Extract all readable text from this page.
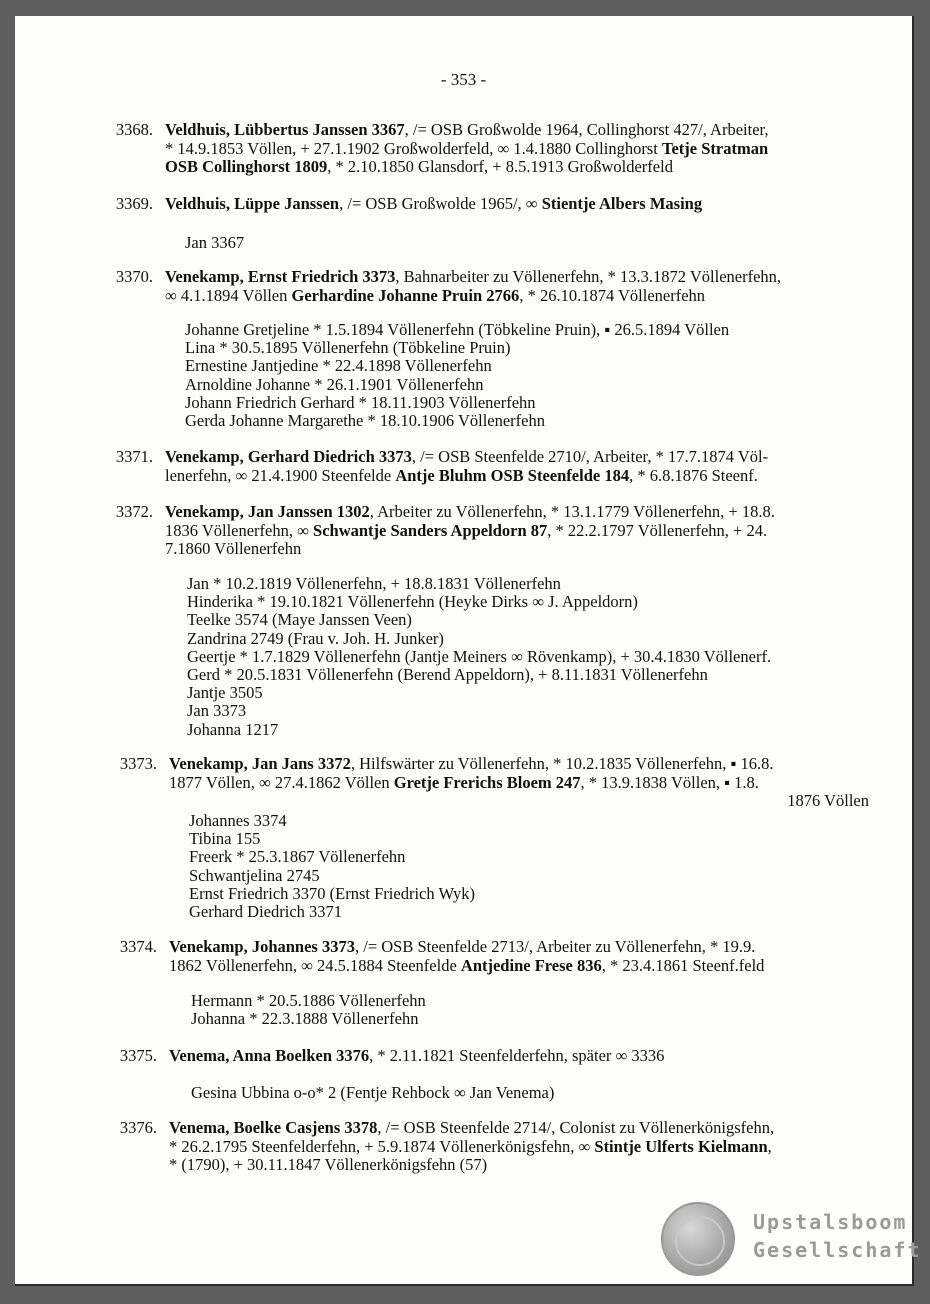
- 353 -
3368. Veldhuis, Lübbertus Janssen 3367, /= OSB Großwolde 1964, Collinghorst 427/, Arbeiter,

* 14.9.1853 Völlen, + 27.1.1902 Großwolderfeld, ∞ 1.4.1880 Collinghorst Tetje Stratman

OSB Collinghorst 1809, * 2.10.1850 Glansdorf, + 8.5.1913 Großwolderfeld

3369. Veldhuis, Lüppe Janssen, /= OSB Großwolde 1965/, ∞ Stientje Albers Masing

Jan 3367
3370. Venekamp, Ernst Friedrich 3373, Bahnarbeiter zu Völlenerfehn, * 13.3.1872 Völlenerfehn,

∞ 4.1.1894 Völlen Gerhardine Johanne Pruin 2766, * 26.10.1874 Völlenerfehn

Johanne Gretjeline * 1.5.1894 Völlenerfehn (Töbkeline Pruin), ▪ 26.5.1894 Völlen
Lina * 30.5.1895 Völlenerfehn (Töbkeline Pruin)
Ernestine Jantjedine * 22.4.1898 Völlenerfehn
Arnoldine Johanne * 26.1.1901 Völlenerfehn
Johann Friedrich Gerhard * 18.11.1903 Völlenerfehn
Gerda Johanne Margarethe * 18.10.1906 Völlenerfehn
3371. Venekamp, Gerhard Diedrich 3373, /= OSB Steenfelde 2710/, Arbeiter, * 17.7.1874 Völ-

lenerfehn, ∞ 21.4.1900 Steenfelde Antje Bluhm OSB Steenfelde 184, * 6.8.1876 Steenf.

3372. Venekamp, Jan Janssen 1302, Arbeiter zu Völlenerfehn, * 13.1.1779 Völlenerfehn, + 18.8.

1836 Völlenerfehn, ∞ Schwantje Sanders Appeldorn 87, * 22.2.1797 Völlenerfehn, + 24.

7.1860 Völlenerfehn

Jan * 10.2.1819 Völlenerfehn, + 18.8.1831 Völlenerfehn
Hinderika * 19.10.1821 Völlenerfehn (Heyke Dirks ∞ J. Appeldorn)
Teelke 3574 (Maye Janssen Veen)
Zandrina 2749 (Frau v. Joh. H. Junker)
Geertje * 1.7.1829 Völlenerfehn (Jantje Meiners ∞ Rövenkamp), + 30.4.1830 Völlenerf.
Gerd * 20.5.1831 Völlenerfehn (Berend Appeldorn), + 8.11.1831 Völlenerfehn
Jantje 3505
Jan 3373
Johanna 1217
3373. Venekamp, Jan Jans 3372, Hilfswärter zu Völlenerfehn, * 10.2.1835 Völlenerfehn, ▪ 16.8.

1877 Völlen, ∞ 27.4.1862 Völlen Gretje Frerichs Bloem 247, * 13.9.1838 Völlen, ▪ 1.8.

1876 Völlen

Johannes 3374
Tibina 155
Freerk * 25.3.1867 Völlenerfehn
Schwantjelina 2745
Ernst Friedrich 3370 (Ernst Friedrich Wyk)
Gerhard Diedrich 3371
3374. Venekamp, Johannes 3373, /= OSB Steenfelde 2713/, Arbeiter zu Völlenerfehn, * 19.9.

1862 Völlenerfehn, ∞ 24.5.1884 Steenfelde Antjedine Frese 836, * 23.4.1861 Steenf.feld

Hermann * 20.5.1886 Völlenerfehn
Johanna * 22.3.1888 Völlenerfehn
3375. Venema, Anna Boelken 3376, * 2.11.1821 Steenfelderfehn, später ∞ 3336

Gesina Ubbina o-o* 2 (Fentje Rehbock ∞ Jan Venema)
3376. Venema, Boelke Casjens 3378, /= OSB Steenfelde 2714/, Colonist zu Völlenerkönigsfehn,

* 26.2.1795 Steenfelderfehn, + 5.9.1874 Völlenerkönigsfehn, ∞ Stintje Ulferts Kielmann,

* (1790), + 30.11.1847 Völlenerkönigsfehn (57)

Upstalsboom
Gesellschaft
